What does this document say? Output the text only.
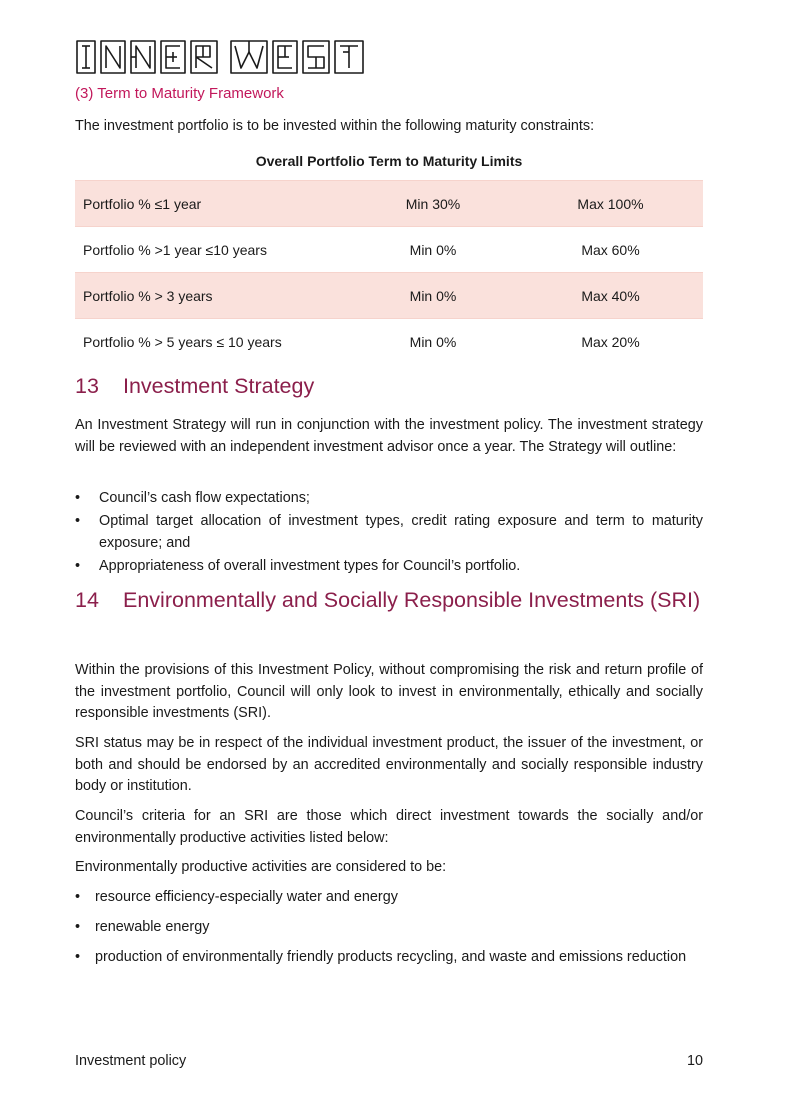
(3) Term to Maturity Framework
The investment portfolio is to be invested within the following maturity constraints:
Overall Portfolio Term to Maturity Limits
Portfolio % ≤1 year	Min 30%	Max 100%
Portfolio % >1 year ≤10 years	Min 0%	Max 60%
Portfolio % > 3 years	Min 0%	Max 40%
Portfolio % > 5 years ≤ 10 years	Min 0%	Max 20%
13 Investment Strategy
An Investment Strategy will run in conjunction with the investment policy. The investment strategy will be reviewed with an independent investment advisor once a year. The Strategy will outline:
• Council’s cash flow expectations;
• Optimal target allocation of investment types, credit rating exposure and term to maturity exposure; and
• Appropriateness of overall investment types for Council’s portfolio.
14 Environmentally and Socially Responsible Investments (SRI)
Within the provisions of this Investment Policy, without compromising the risk and return profile of the investment portfolio, Council will only look to invest in environmentally, ethically and socially responsible investments (SRI).
SRI status may be in respect of the individual investment product, the issuer of the investment, or both and should be endorsed by an accredited environmentally and socially responsible industry body or institution.
Council’s criteria for an SRI are those which direct investment towards the socially and/or environmentally productive activities listed below:
Environmentally productive activities are considered to be:
• resource efficiency-especially water and energy
• renewable energy
• production of environmentally friendly products recycling, and waste and emissions reduction
Investment policy	10
